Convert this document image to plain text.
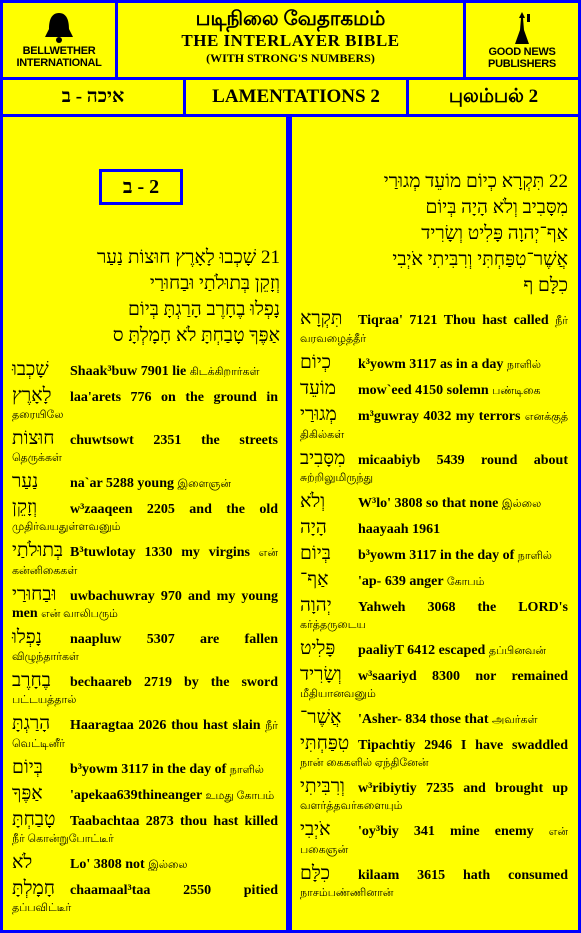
BELLWETHER
INTERNATIONAL
படிநிலை வேதாகமம்
THE INTERLAYER BIBLE
(WITH STRONG'S NUMBERS)	GOOD NEWS
PUBLISHERS
איכה - ב	LAMENTATIONS 2	புலம்பல் 2
2 - ב
21 שָׁכְבוּ לָאָרֶץ חוּצוֹת נַעַר
וְזָקֵן בְּתוּלֹתַי וּבַחוּרַי
נָפְלוּ בֶחָרֶב הָרַגְתָּ בְּיוֹם
אַפֶּךָ טָבַחְתָּ לֹא חָמָלְתָּ ס
שָׁכְבוּ Shaak³buw 7901 lie கிடக்கிறார்கள்
לָאָרֶץ laa'arets 776 on the ground in தரையிலே
חוּצוֹת chuwtsowt 2351 the streets தெருக்கள்
נַעַר na`ar 5288 young இளைஞன்
וְזָקֵן w³zaaqeen 2205 and the old முதிர்வயதுள்ளவனும்
בְּתוּלֹתַי B³tuwlotay 1330 my virgins என் கன்னிகைகள்
וּבַחוּרַי uwbachuwray 970 and my young men என் வாலிபரும்
נָפְלוּ naapluw 5307 are fallen விழுந்தார்கள்
בֶחָרֶב bechaareb 2719 by the sword பட்டயத்தால்
הָרַגְתָּ Haaragtaa 2026 thou hast slain நீர் வெட்டினீர்
בְּיוֹם b³yowm 3117 in the day of நாளில்
אַפֶּךָ 'apekaa639thineanger உமது கோபம்
טָבַחְתָּ Taabachtaa 2873 thou hast killed நீர் கொன்றுபோட்டீர்
לֹא	Lo' 3808 not இல்லை
חָמָלְתָּ chaamaal³taa 2550 pitied தப்பவிட்டீர்
22 תִּקְרָא כְיוֹם מוֹעֵד מְגוּרַי
מִסָּבִיב וְלֹא הָיָה בְּיוֹם
אַף־יְהוָה פָּלִיט וְשָׂרִיד
אֲשֶׁר־טִפַּחְתִּי וְרִבִּיתִי אֹיְבִי
כִלָּם ף
תִּקְרָא Tiqraa' 7121 Thou hast called நீர் வரவழைத்தீர்
כְיוֹם k³yowm 3117 as in a day நாளில்
מוֹעֵד mow`eed 4150 solemn பண்டிகை
מְגוּרַי m³guwray 4032 my terrors எனக்குத் திகில்கள்
מִסָּבִיב micaabiyb 5439 round about சுற்றிலுமிருந்து
וְלֹא W³lo' 3808 so that none இல்லை
הָיָה haayaah 1961
בְּיוֹם b³yowm 3117 in the day of நாளில்
אַף־ 'ap- 639 anger கோபம்
יְהוָה Yahweh 3068 the LORD's கர்த்தருடைய
פָּלִיט paaliyT 6412 escaped தப்பினவன்
וְשָׂרִיד w³saariyd 8300 nor remained மீதியானவனும்
אֲשֶׁר־ 'Asher- 834 those that அவர்கள்
טִפַּחְתִּי Tipachtiy 2946 I have swaddled நான் கைகளில் ஏந்தினேன்
וְרִבִּיתִי w³ribiytiy 7235 and brought up வளர்த்தவர்களையும்
אֹיְבִי 'oy³biy 341 mine enemy என் பகைஞன்
כִלָּם kilaam 3615 hath consumed நாசம்பண்ணினான்
